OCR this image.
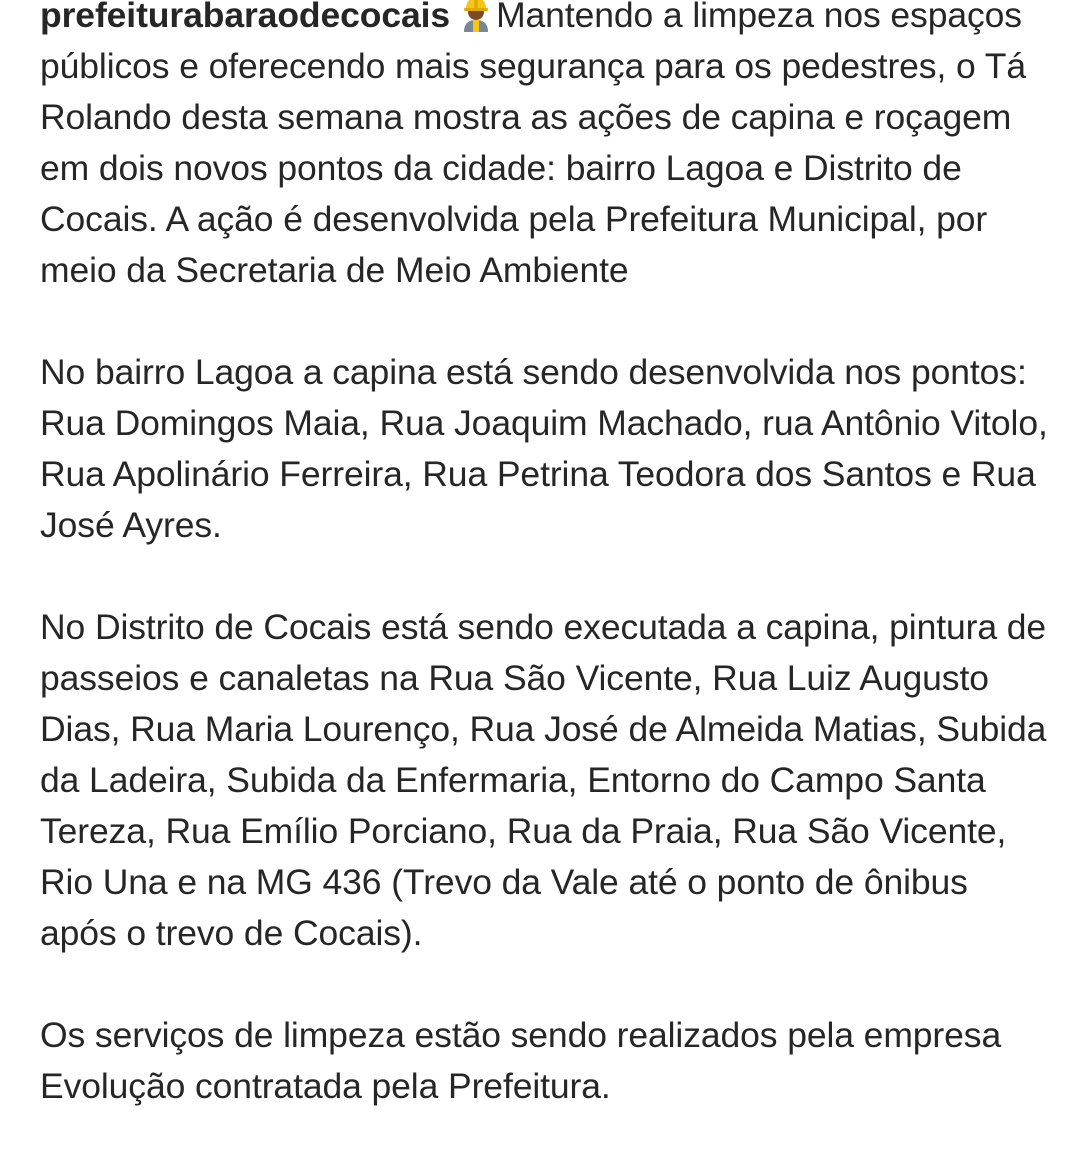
prefeiturabaraodecocais Mantendo a limpeza nos espaços públicos e oferecendo mais segurança para os pedestres, o Tá Rolando desta semana mostra as ações de capina e roçagem em dois novos pontos da cidade: bairro Lagoa e Distrito de Cocais. A ação é desenvolvida pela Prefeitura Municipal, por meio da Secretaria de Meio Ambiente

No bairro Lagoa a capina está sendo desenvolvida nos pontos: Rua Domingos Maia, Rua Joaquim Machado, rua Antônio Vitolo, Rua Apolinário Ferreira, Rua Petrina Teodora dos Santos e Rua José Ayres.

No Distrito de Cocais está sendo executada a capina, pintura de passeios e canaletas na Rua São Vicente, Rua Luiz Augusto Dias, Rua Maria Lourenço, Rua José de Almeida Matias, Subida da Ladeira, Subida da Enfermaria, Entorno do Campo Santa Tereza, Rua Emílio Porciano, Rua da Praia, Rua São Vicente, Rio Una e na MG 436 (Trevo da Vale até o ponto de ônibus após o trevo de Cocais).

Os serviços de limpeza estão sendo realizados pela empresa Evolução contratada pela Prefeitura.
